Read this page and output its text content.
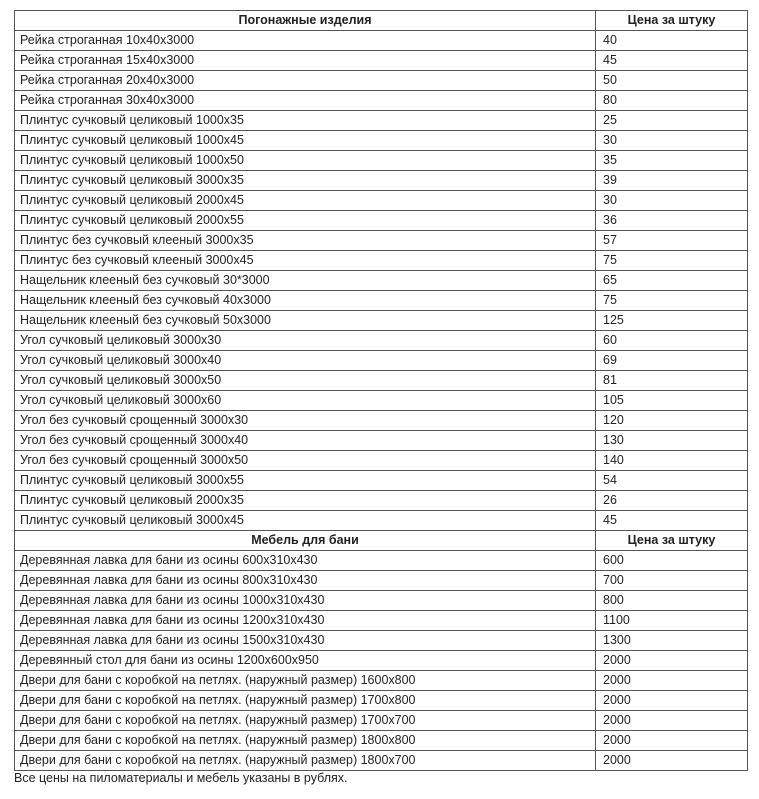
Погонажные изделия	Цена за штуку
Рейка строганная 10х40х3000	40
Рейка строганная 15х40х3000	45
Рейка строганная 20х40х3000	50
Рейка строганная 30х40х3000	80
Плинтус сучковый целиковый 1000х35	25
Плинтус сучковый целиковый 1000х45	30
Плинтус сучковый целиковый 1000х50	35
Плинтус сучковый целиковый 3000х35	39
Плинтус сучковый целиковый 2000х45	30
Плинтус сучковый целиковый 2000х55	36
Плинтус без сучковый клееный 3000х35	57
Плинтус без сучковый клееный 3000х45	75
Нащельник клееный без сучковый 30*3000	65
Нащельник клееный без сучковый 40х3000	75
Нащельник клееный без сучковый 50х3000	125
Угол сучковый целиковый 3000х30	60
Угол сучковый целиковый 3000х40	69
Угол сучковый целиковый 3000х50	81
Угол сучковый целиковый 3000х60	105
Угол без сучковый срощенный 3000х30	120
Угол без сучковый срощенный 3000х40	130
Угол без сучковый срощенный 3000х50	140
Плинтус сучковый целиковый 3000х55	54
Плинтус сучковый целиковый 2000х35	26
Плинтус сучковый целиковый 3000х45	45
Мебель для бани	Цена за штуку
Деревянная лавка для бани из осины 600х310х430	600
Деревянная лавка для бани из осины 800х310х430	700
Деревянная лавка для бани из осины 1000х310х430	800
Деревянная лавка для бани из осины 1200х310х430	1100
Деревянная лавка для бани из осины 1500х310х430	1300
Деревянный стол для бани из осины 1200х600х950	2000
Двери для бани с коробкой на петлях. (наружный размер) 1600х800	2000
Двери для бани с коробкой на петлях. (наружный размер) 1700х800	2000
Двери для бани с коробкой на петлях. (наружный размер) 1700х700	2000
Двери для бани с коробкой на петлях. (наружный размер) 1800х800	2000
Двери для бани с коробкой на петлях. (наружный размер) 1800х700	2000
Все цены на пиломатериалы и мебель указаны в рублях.
